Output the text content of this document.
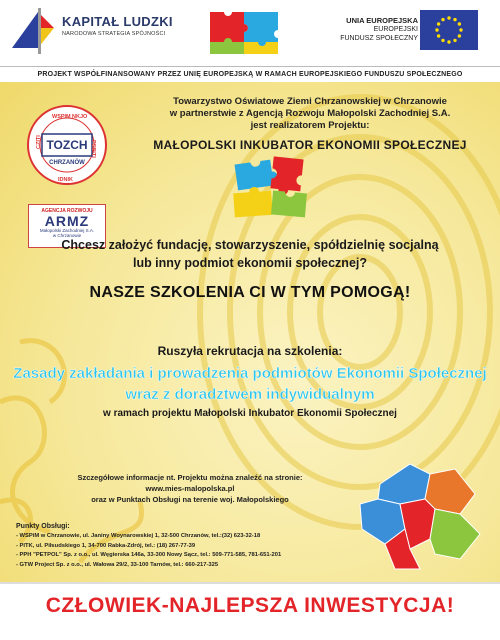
KAPITAŁ LUDZKI
NARODOWA STRATEGIA SPÓJNOŚCI
UNIA EUROPEJSKA
EUROPEJSKI
FUNDUSZ SPOŁECZNY
PROJEKT WSPÓŁFINANSOWANY PRZEZ UNIĘ EUROPEJSKĄ W RAMACH EUROPEJSKIEGO FUNDUSZU SPOŁECZNEGO
TOZCH
CHRZANÓW
WSPIM NKJO
PSBITI
IDNIK
CZITI
AGENCJA ROZWOJU
ARMZ
Małopolski Zachodniej S.A.
w Chrzanowie
Towarzystwo Oświatowe Ziemi Chrzanowskiej w Chrzanowie
w partnerstwie z Agencją Rozwoju Małopolski Zachodniej S.A.
jest realizatorem Projektu:
MAŁOPOLSKI INKUBATOR EKONOMII SPOŁECZNEJ
Chcesz założyć fundację, stowarzyszenie, spółdzielnię socjalną
lub inny podmiot ekonomii społecznej?
NASZE SZKOLENIA CI W TYM POMOGĄ!
Ruszyła rekrutacja na szkolenia:
Zasady zakładania i prowadzenia podmiotów Ekonomii Społecznej
wraz z doradztwem indywidualnym
w ramach projektu Małopolski Inkubator Ekonomii Społecznej
Szczegółowe informacje nt. Projektu można znaleźć na stronie:
www.mies-malopolska.pl
oraz w Punktach Obsługi na terenie woj. Małopolskiego
Punkty Obsługi:
- WSPiM w Chrzanowie, ul. Janiny Woynarowskiej 1, 32-500 Chrzanów, tel.:(32) 623-32-18
- PITK, ul. Piłsudskiego 1, 34-700 Rabka-Zdrój, tel.: (18) 267-77-39
- PPH "PETPOL" Sp. z o.o., ul. Węgierska 146a, 33-300 Nowy Sącz, tel.: 509-771-585, 781-651-201
- GTW Project Sp. z o.o., ul. Wałowa 29/2, 33-100 Tarnów, tel.: 660-217-325
CZŁOWIEK-NAJLEPSZA INWESTYCJA!
